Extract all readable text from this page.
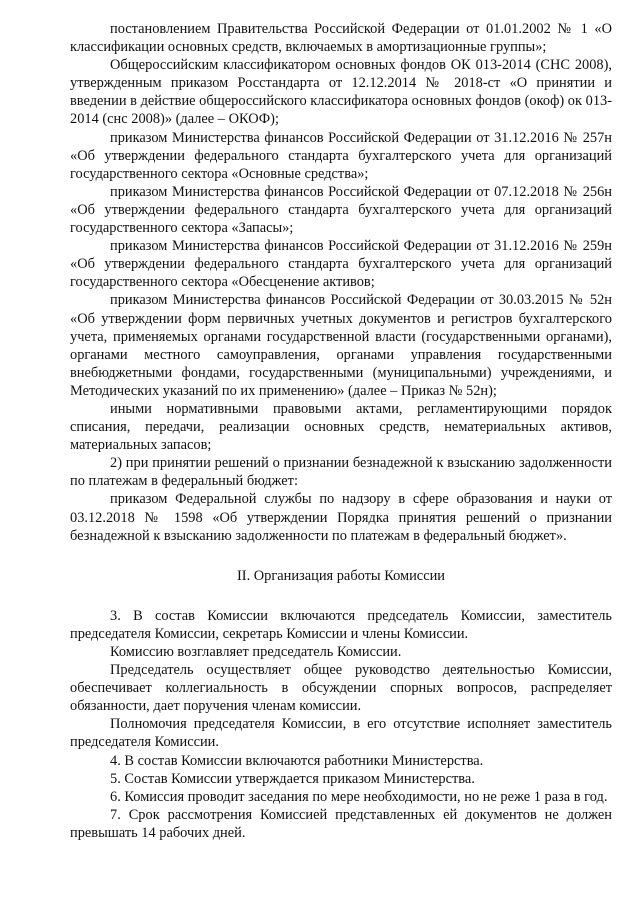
постановлением Правительства Российской Федерации от 01.01.2002 № 1 «О классификации основных средств, включаемых в амортизационные группы»;

Общероссийским классификатором основных фондов ОК 013-2014 (СНС 2008), утвержденным приказом Росстандарта от 12.12.2014 № 2018-ст «О принятии и введении в действие общероссийского классификатора основных фондов (окоф) ок 013-2014 (снс 2008)» (далее – ОКОФ);

приказом Министерства финансов Российской Федерации от 31.12.2016 № 257н «Об утверждении федерального стандарта бухгалтерского учета для организаций государственного сектора «Основные средства»;

приказом Министерства финансов Российской Федерации от 07.12.2018 № 256н «Об утверждении федерального стандарта бухгалтерского учета для организаций государственного сектора «Запасы»;

приказом Министерства финансов Российской Федерации от 31.12.2016 № 259н «Об утверждении федерального стандарта бухгалтерского учета для организаций государственного сектора «Обесценение активов;

приказом Министерства финансов Российской Федерации от 30.03.2015 № 52н «Об утверждении форм первичных учетных документов и регистров бухгалтерского учета, применяемых органами государственной власти (государственными органами), органами местного самоуправления, органами управления государственными внебюджетными фондами, государственными (муниципальными) учреждениями, и Методических указаний по их применению» (далее – Приказ № 52н);

иными нормативными правовыми актами, регламентирующими порядок списания, передачи, реализации основных средств, нематериальных активов, материальных запасов;

2) при принятии решений о признании безнадежной к взысканию задолженности по платежам в федеральный бюджет:

приказом Федеральной службы по надзору в сфере образования и науки от 03.12.2018 № 1598 «Об утверждении Порядка принятия решений о признании безнадежной к взысканию задолженности по платежам в федеральный бюджет».

II. Организация работы Комиссии

3. В состав Комиссии включаются председатель Комиссии, заместитель председателя Комиссии, секретарь Комиссии и члены Комиссии.

Комиссию возглавляет председатель Комиссии.

Председатель осуществляет общее руководство деятельностью Комиссии, обеспечивает коллегиальность в обсуждении спорных вопросов, распределяет обязанности, дает поручения членам комиссии.

Полномочия председателя Комиссии, в его отсутствие исполняет заместитель председателя Комиссии.

4. В состав Комиссии включаются работники Министерства.

5. Состав Комиссии утверждается приказом Министерства.

6. Комиссия проводит заседания по мере необходимости, но не реже 1 раза в год.

7. Срок рассмотрения Комиссией представленных ей документов не должен превышать 14 рабочих дней.
